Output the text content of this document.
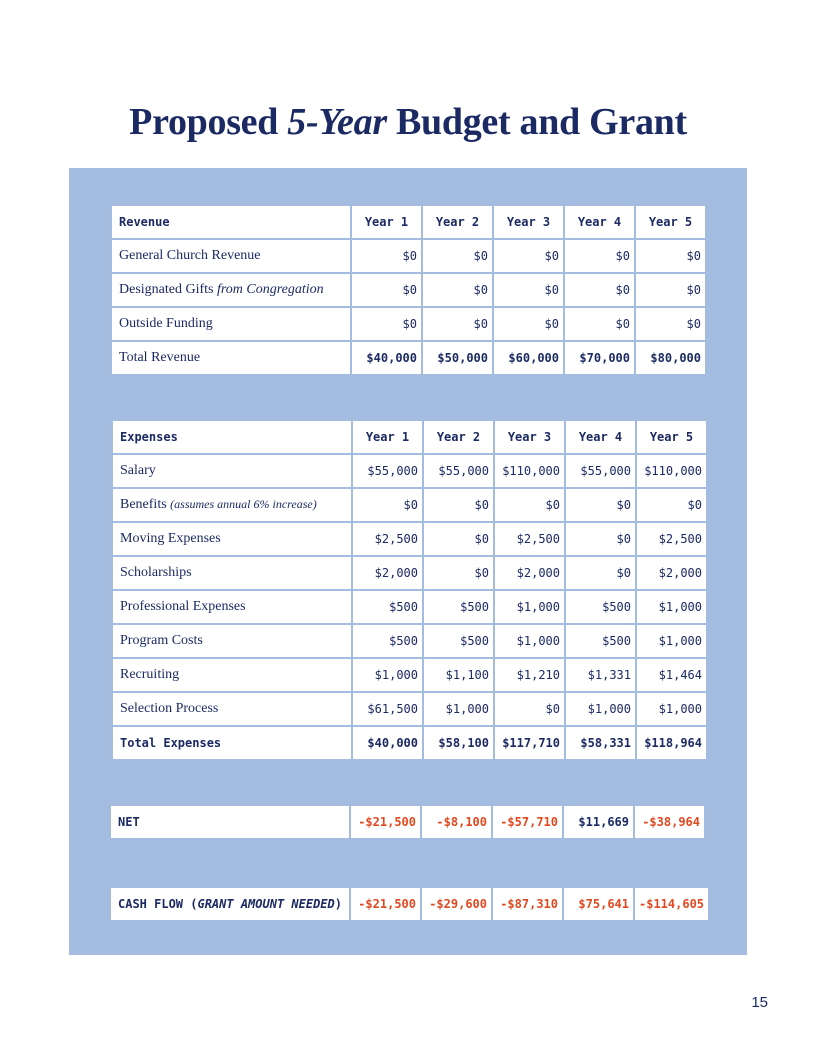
Proposed 5-Year Budget and Grant
Revenue	Year 1	Year 2	Year 3	Year 4	Year 5
General Church Revenue	$0	$0	$0	$0	$0
Designated Gifts from Congregation	$0	$0	$0	$0	$0
Outside Funding	$0	$0	$0	$0	$0
Total Revenue	$40,000	$50,000	$60,000	$70,000	$80,000
Expenses	Year 1	Year 2	Year 3	Year 4	Year 5
Salary	$55,000	$55,000	$110,000	$55,000	$110,000
Benefits (assumes annual 6% increase)	$0	$0	$0	$0	$0
Moving Expenses	$2,500	$0	$2,500	$0	$2,500
Scholarships	$2,000	$0	$2,000	$0	$2,000
Professional Expenses	$500	$500	$1,000	$500	$1,000
Program Costs	$500	$500	$1,000	$500	$1,000
Recruiting	$1,000	$1,100	$1,210	$1,331	$1,464
Selection Process	$61,500	$1,000	$0	$1,000	$1,000
Total Expenses	$40,000	$58,100	$117,710	$58,331	$118,964
NET	-$21,500	-$8,100	-$57,710	$11,669	-$38,964
CASH FLOW (GRANT AMOUNT NEEDED)	-$21,500	-$29,600	-$87,310	$75,641	-$114,605
15
